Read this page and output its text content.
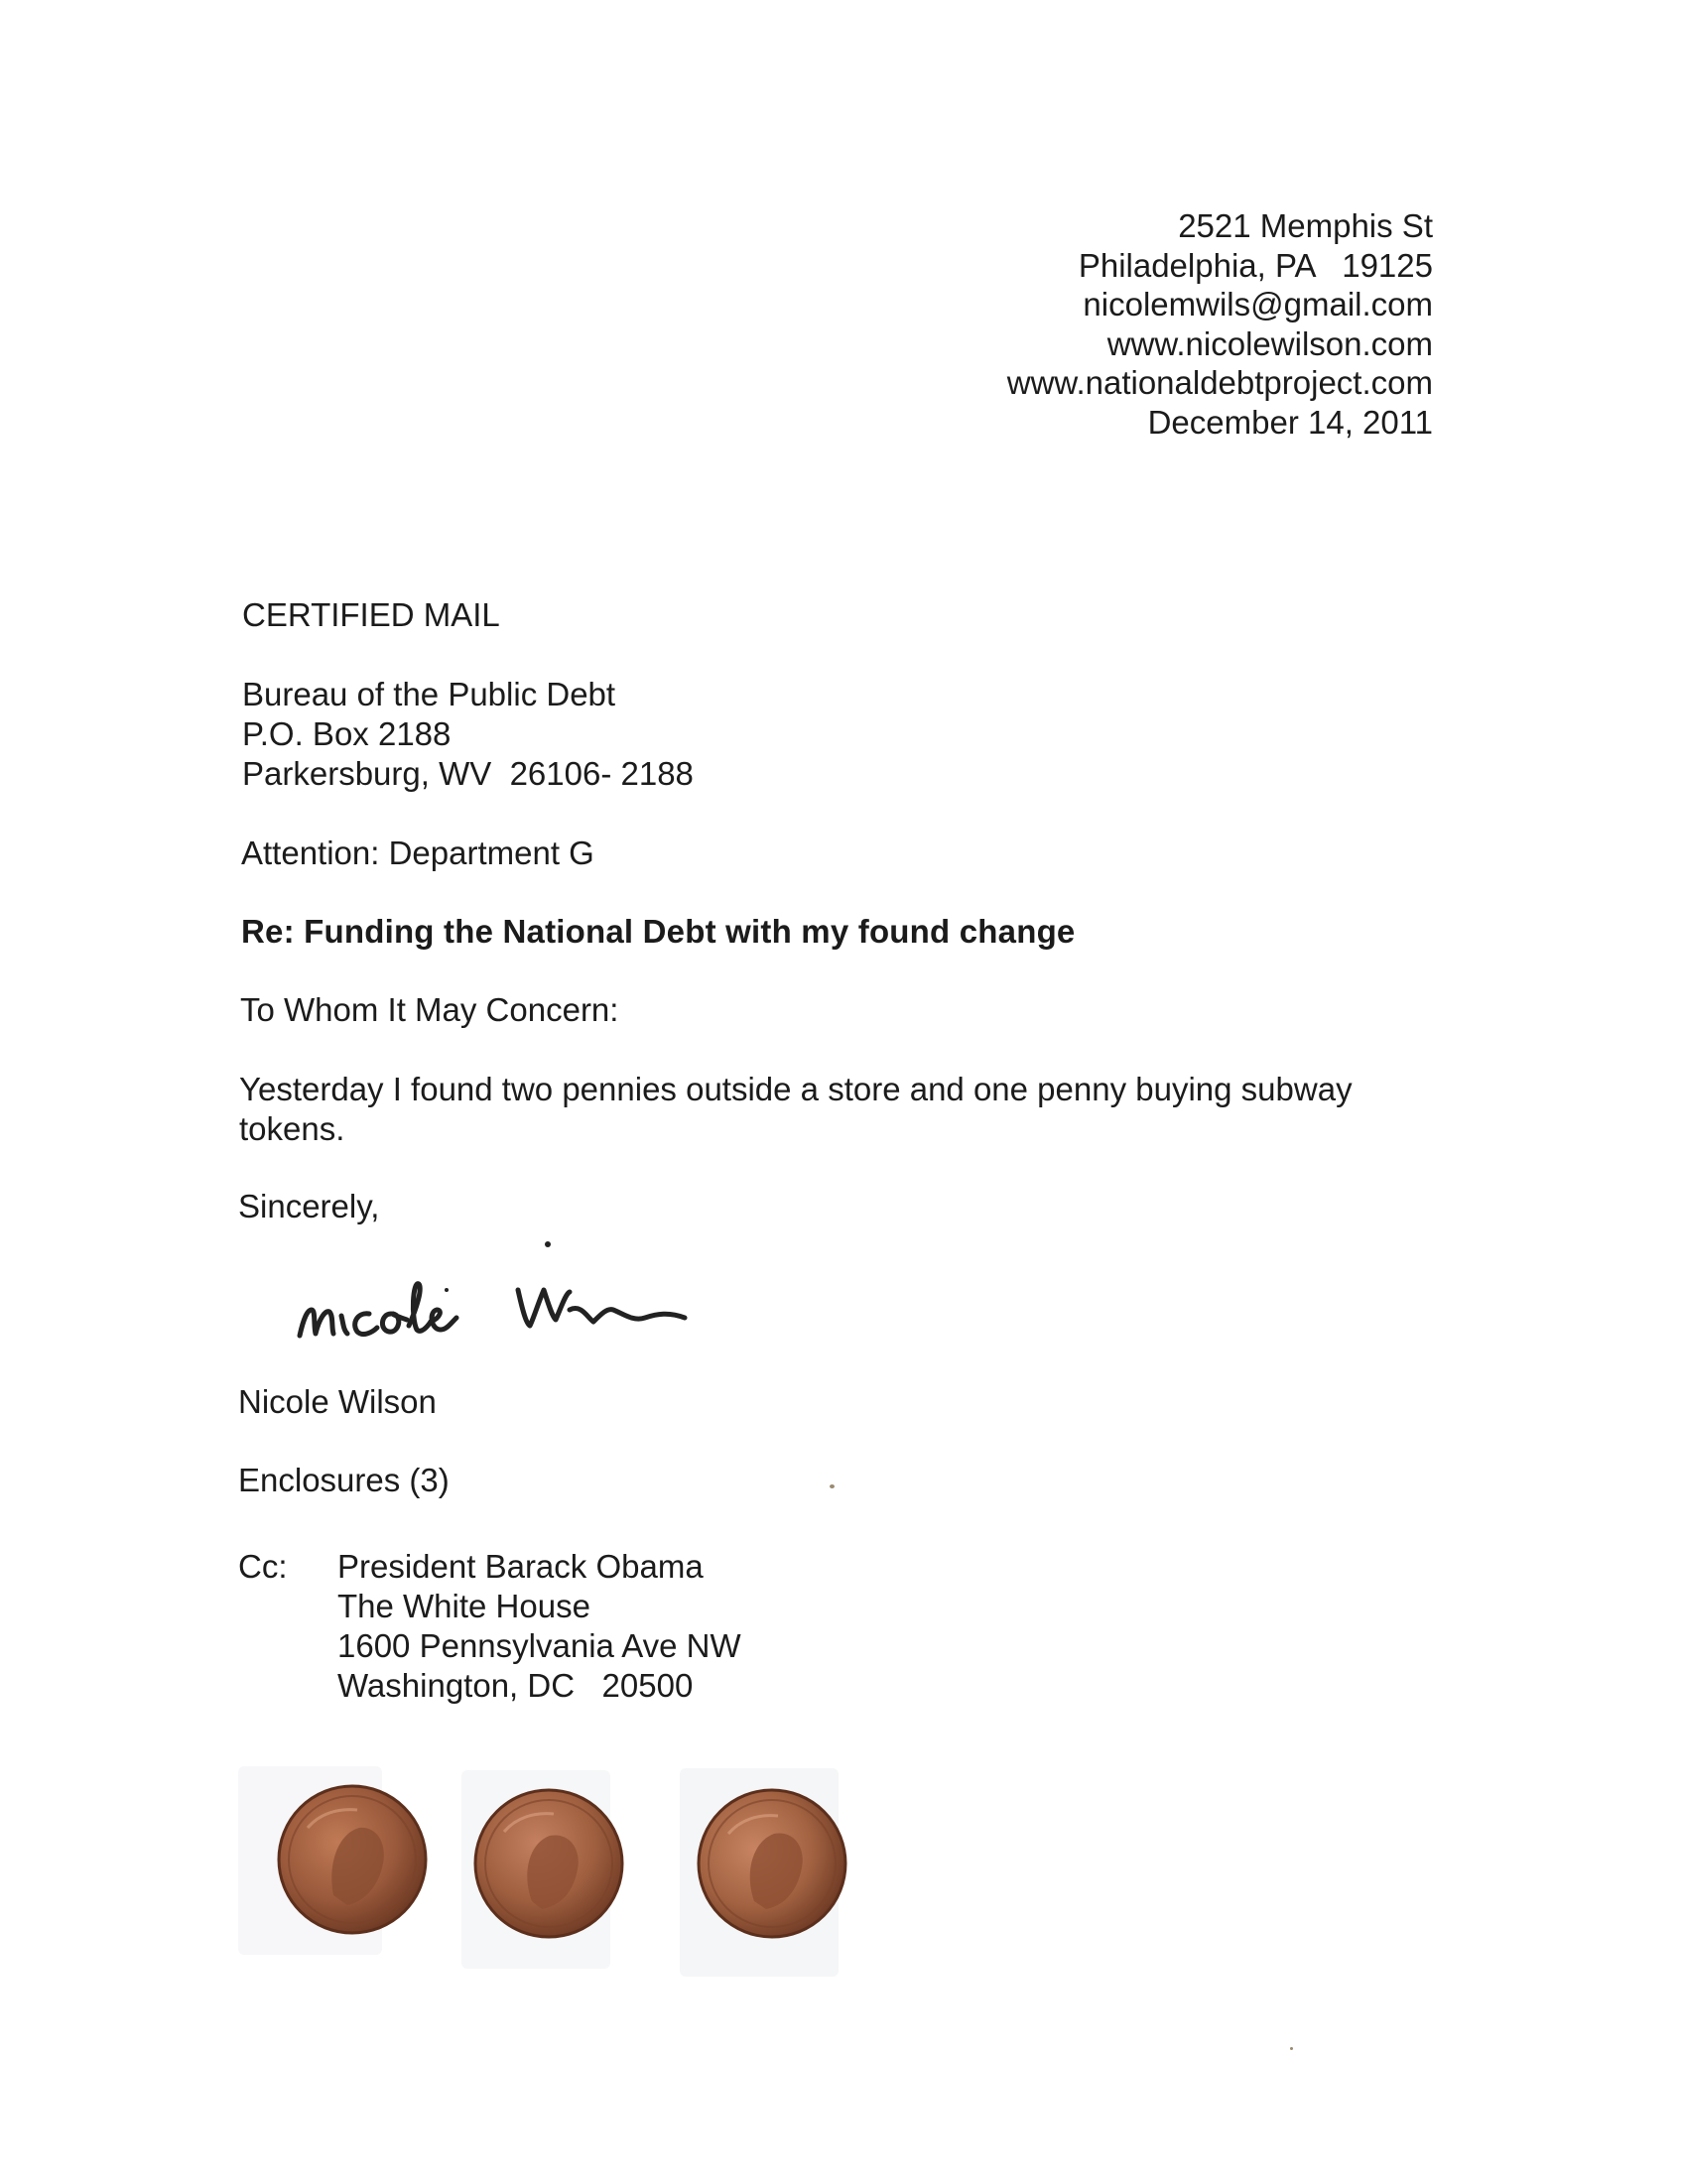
2521 Memphis St
Philadelphia, PA   19125
nicolemwils@gmail.com
www.nicolewilson.com
www.nationaldebtproject.com
December 14, 2011

CERTIFIED MAIL

Bureau of the Public Debt
P.O. Box 2188
Parkersburg, WV  26106- 2188

Attention: Department G

Re: Funding the National Debt with my found change

To Whom It May Concern:

Yesterday I found two pennies outside a store and one penny buying subway

tokens.

Sincerely,

Nicole Wilson

Enclosures (3)

Cc: President Barack Obama
The White House
1600 Pennsylvania Ave NW
Washington, DC   20500
